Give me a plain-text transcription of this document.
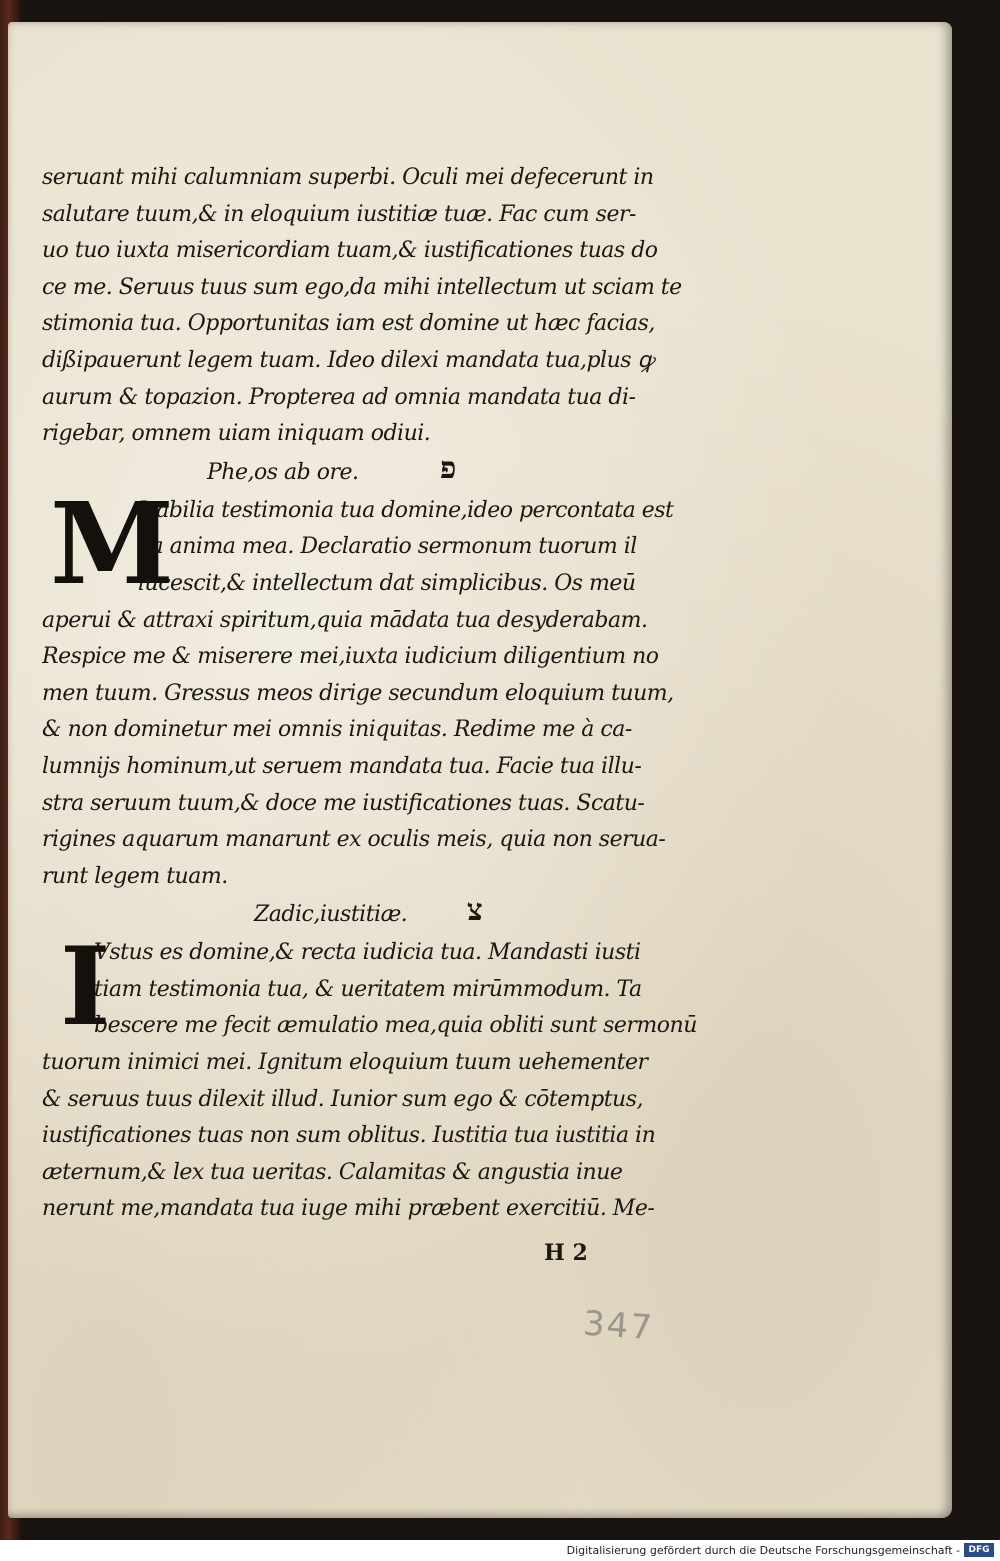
seruant mihi calumniam superbi. Oculi mei defecerunt in
salutare tuum,& in eloquium iustitiæ tuæ. Fac cum ser-
uo tuo iuxta misericordiam tuam,& iustificationes tuas do
ce me. Seruus tuus sum ego,da mihi intellectum ut sciam te
stimonia tua. Opportunitas iam est domine ut hæc facias,
dißipauerunt legem tuam. Ideo dilexi mandata tua,plus ꝙ
aurum & topazion. Propterea ad omnia mandata tua di-
rigebar, omnem uiam iniquam odiui.
Phe,os ab ore.	פ
M
Irabilia testimonia tua domine,ideo percontata est
ea anima mea. Declaratio sermonum tuorum il
lucescit,& intellectum dat simplicibus. Os meū
aperui & attraxi spiritum,quia mādata tua desyderabam.
Respice me & miserere mei,iuxta iudicium diligentium no
men tuum. Gressus meos dirige secundum eloquium tuum,
& non dominetur mei omnis iniquitas. Redime me à ca-
lumnijs hominum,ut seruem mandata tua. Facie tua illu-
stra seruum tuum,& doce me iustificationes tuas. Scatu-
rigines aquarum manarunt ex oculis meis, quia non serua-
runt legem tuam.
Zadic,iustitiæ. צ
I
Vstus es domine,& recta iudicia tua. Mandasti iusti
tiam testimonia tua, & ueritatem mirūmmodum. Ta
bescere me fecit æmulatio mea,quia obliti sunt sermonū
tuorum inimici mei. Ignitum eloquium tuum uehementer
& seruus tuus dilexit illud. Iunior sum ego & cōtemptus,
iustificationes tuas non sum oblitus. Iustitia tua iustitia in
æternum,& lex tua ueritas. Calamitas & angustia inue
nerunt me,mandata tua iuge mihi præbent exercitiū. Me-
H 2
347
Digitalisierung gefördert durch die Deutsche Forschungsgemeinschaft - DFG
